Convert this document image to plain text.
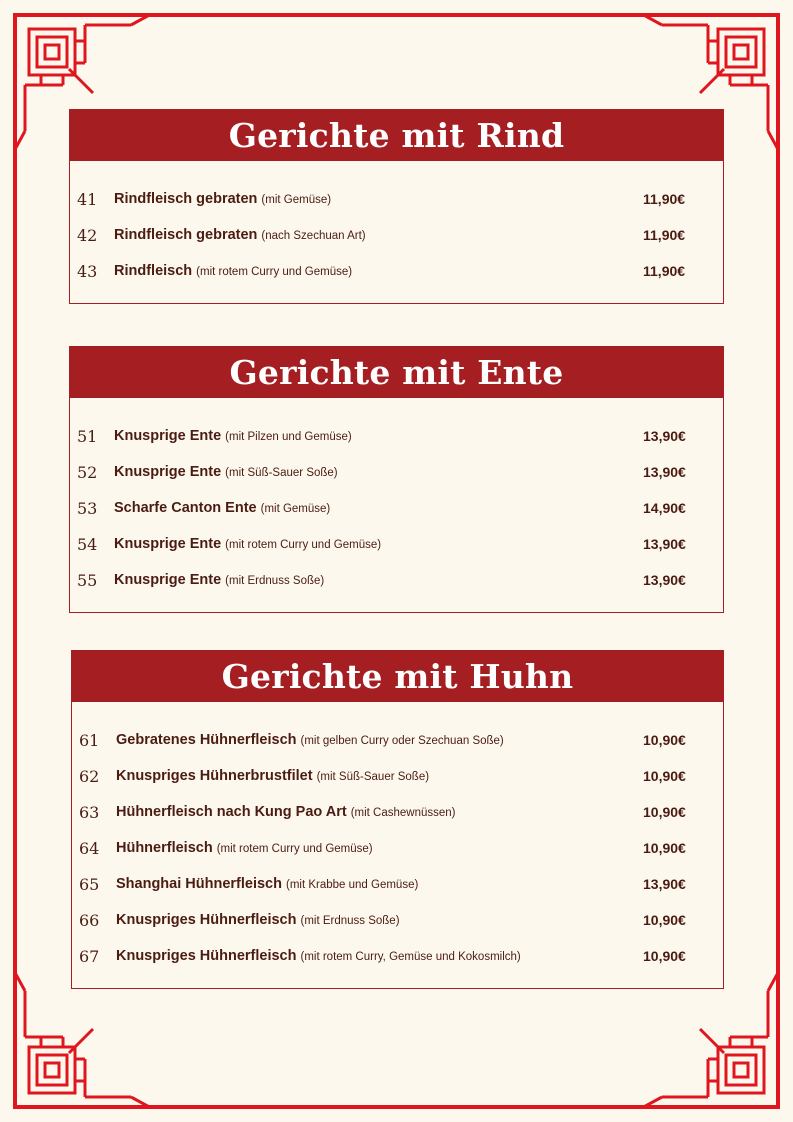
Gerichte mit Rind
41	Rindfleisch gebraten (mit Gemüse)	11,90€
42	Rindfleisch gebraten (nach Szechuan Art)	11,90€
43	Rindfleisch (mit rotem Curry und Gemüse)	11,90€
Gerichte mit Ente
51	Knusprige Ente (mit Pilzen und Gemüse)	13,90€
52	Knusprige Ente (mit Süß-Sauer Soße)	13,90€
53	Scharfe Canton Ente (mit Gemüse)	14,90€
54	Knusprige Ente (mit rotem Curry und Gemüse)	13,90€
55	Knusprige Ente (mit Erdnuss Soße)	13,90€
Gerichte mit Huhn
61	Gebratenes Hühnerfleisch (mit gelben Curry oder Szechuan Soße)	10,90€
62	Knuspriges Hühnerbrustfilet (mit Süß-Sauer Soße)	10,90€
63	Hühnerfleisch nach Kung Pao Art (mit Cashewnüssen)	10,90€
64	Hühnerfleisch (mit rotem Curry und Gemüse)	10,90€
65	Shanghai Hühnerfleisch (mit Krabbe und Gemüse)	13,90€
66	Knuspriges Hühnerfleisch (mit Erdnuss Soße)	10,90€
67	Knuspriges Hühnerfleisch (mit rotem Curry, Gemüse und Kokosmilch)	10,90€
